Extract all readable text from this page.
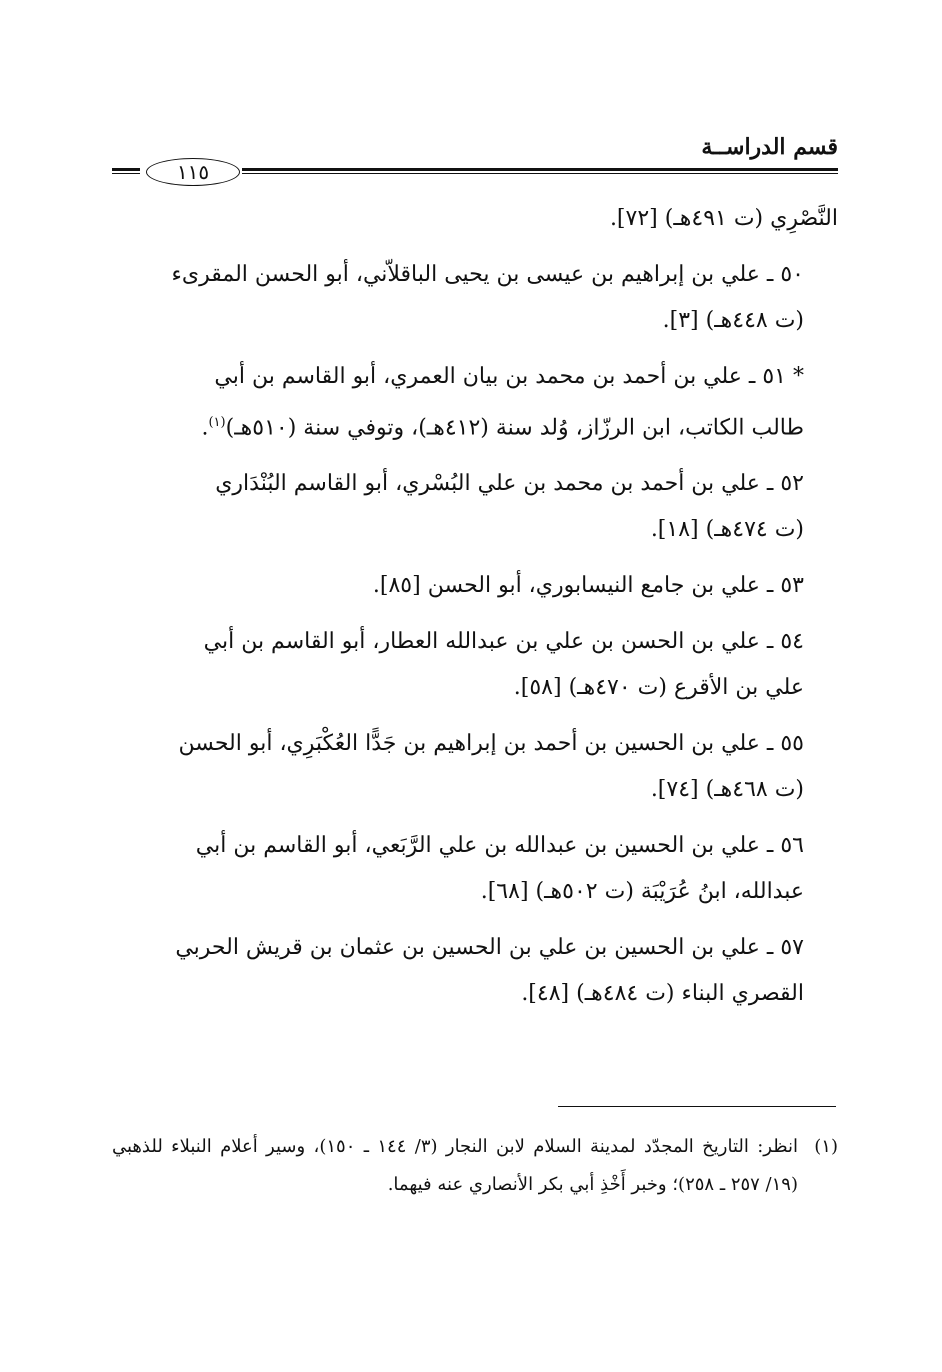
قسم الدراســة
١١٥

النَّصْرِي (ت ٤٩١هـ) [٧٢].

٥٠ ـ علي بن إبراهيم بن عيسى بن يحيى الباقلاّني، أبو الحسن المقرىء

(ت ٤٤٨هـ) [٣].

* ٥١ ـ علي بن أحمد بن محمد بن بيان العمري، أبو القاسم بن أبي

طالب الكاتب، ابن الرزّاز، وُلد سنة (٤١٢هـ)، وتوفي سنة (٥١٠هـ)$^{(١)}$.

٥٢ ـ علي بن أحمد بن محمد بن علي البُسْري، أبو القاسم البُنْدَاري

(ت ٤٧٤هـ) [١٨].

٥٣ ـ علي بن جامع النيسابوري، أبو الحسن [٨٥].
٥٤ ـ علي بن الحسن بن علي بن عبدالله العطار، أبو القاسم بن أبي

علي بن الأقرع (ت ٤٧٠هـ) [٥٨].

٥٥ ـ علي بن الحسين بن أحمد بن إبراهيم بن جَدًّا العُكْبَرِي، أبو الحسن

(ت ٤٦٨هـ) [٧٤].

٥٦ ـ علي بن الحسين بن عبدالله بن علي الرَّبَعي، أبو القاسم بن أبي

عبدالله، ابنُ عُرَيْبَة (ت ٥٠٢هـ) [٦٨].

٥٧ ـ علي بن الحسين بن علي بن الحسين بن عثمان بن قريش الحربي

القصري البناء (ت ٤٨٤هـ) [٤٨].

(١)
انظر: التاريخ المجدّد لمدينة السلام لابن النجار (٣/ ١٤٤ ـ ١٥٠)، وسير أعلام النبلاء للذهبي (١٩/ ٢٥٧ ـ ٢٥٨)؛ وخبر أَخْذِ أبي بكر الأنصاري عنه فيهما.
